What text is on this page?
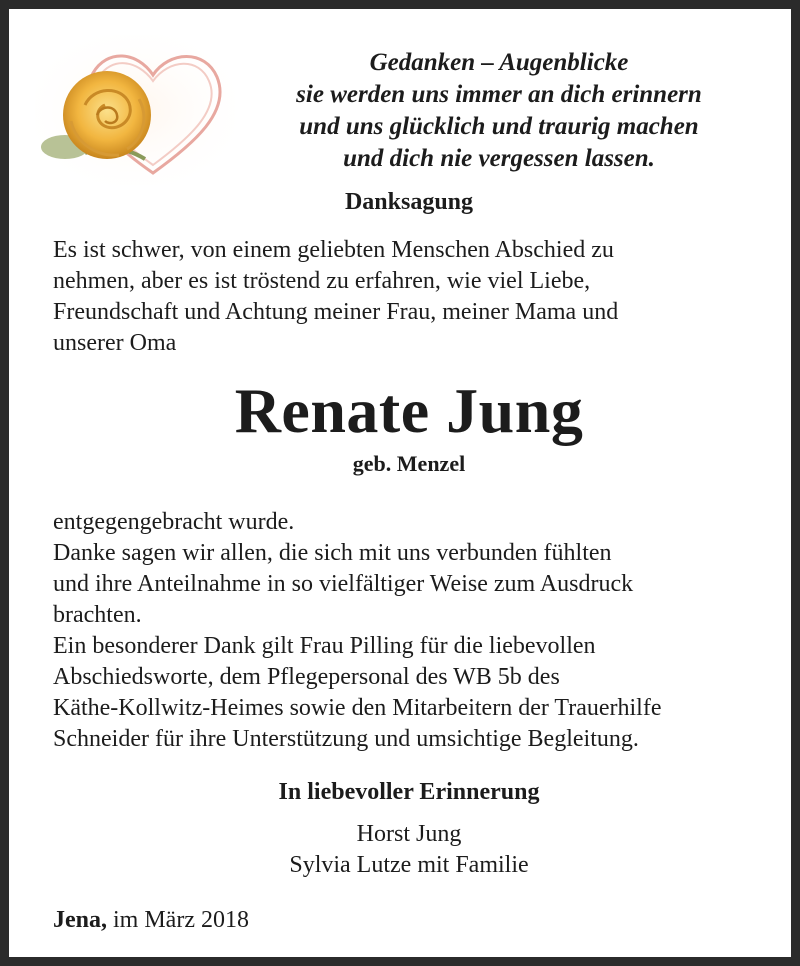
Gedanken – Augenblicke
sie werden uns immer an dich erinnern
und uns glücklich und traurig machen
und dich nie vergessen lassen.
Danksagung
Es ist schwer, von einem geliebten Menschen Abschied zu
nehmen, aber es ist tröstend zu erfahren, wie viel Liebe,
Freundschaft und Achtung meiner Frau, meiner Mama und
unserer Oma
Renate Jung
geb. Menzel
entgegengebracht wurde.
Danke sagen wir allen, die sich mit uns verbunden fühlten
und ihre Anteilnahme in so vielfältiger Weise zum Ausdruck
brachten.
Ein besonderer Dank gilt Frau Pilling für die liebevollen
Abschiedsworte, dem Pflegepersonal des WB 5b des
Käthe-Kollwitz-Heimes sowie den Mitarbeitern der Trauerhilfe
Schneider für ihre Unterstützung und umsichtige Begleitung.
In liebevoller Erinnerung
Horst Jung
Sylvia Lutze mit Familie
Jena, im März 2018
